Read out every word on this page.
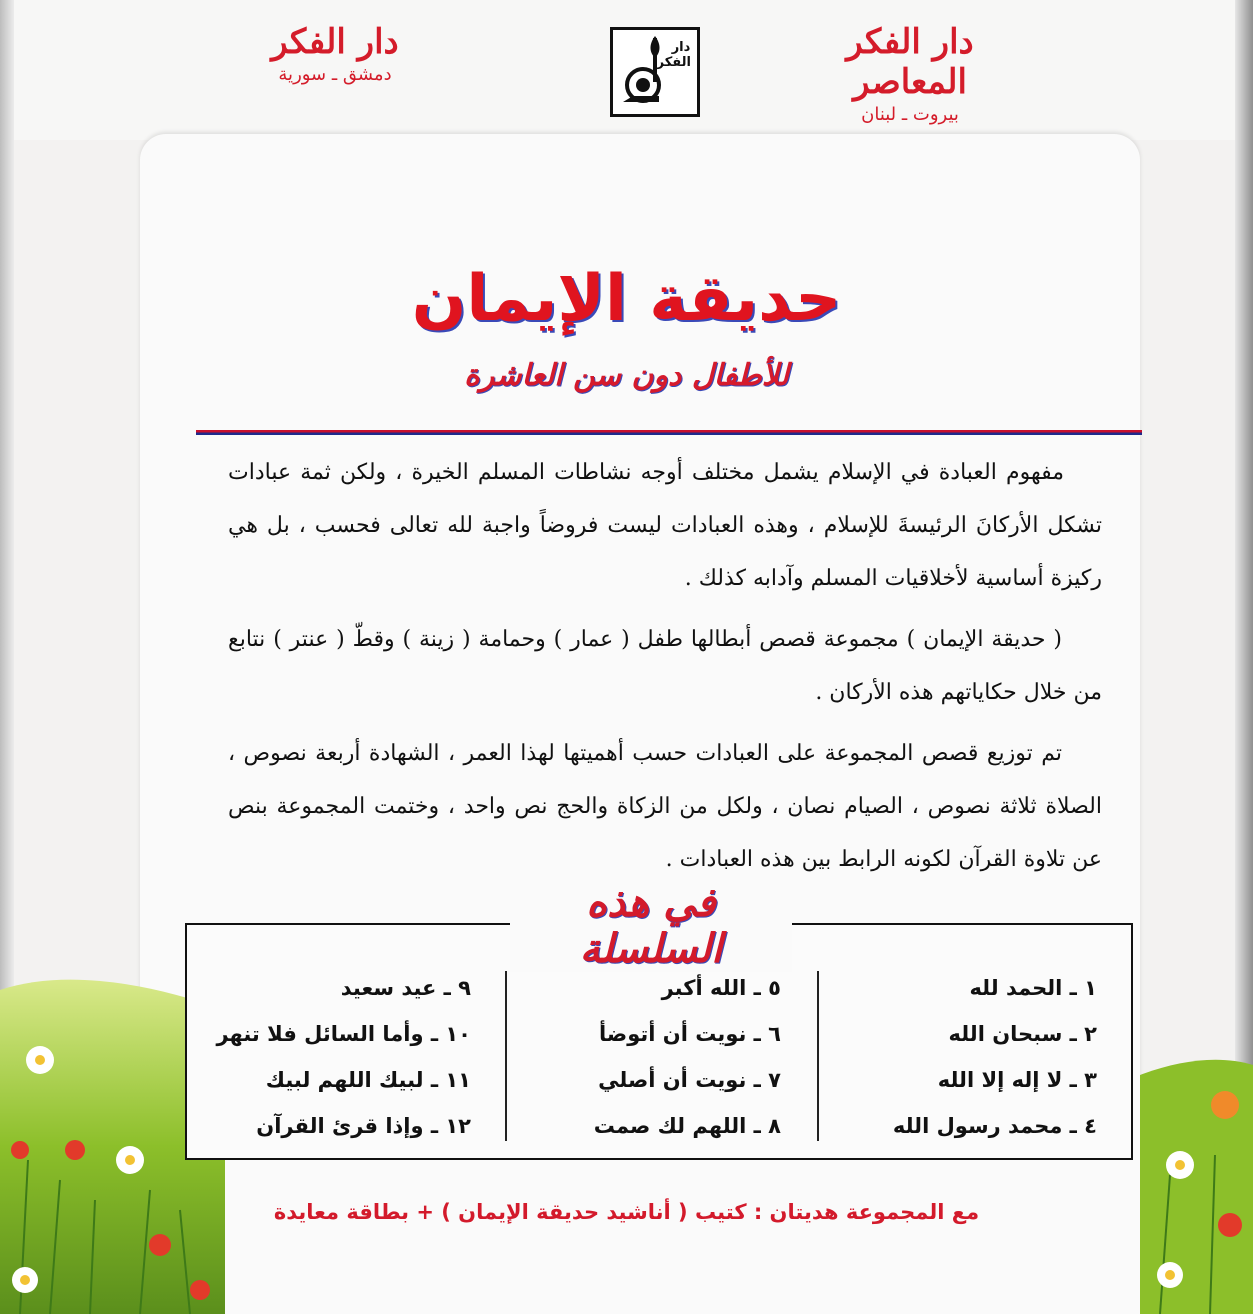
دار الفكر
دمشق ـ سورية
دار الفكر
دار الفكر المعاصر
بيروت ـ لبنان
حديقة الإيمان
للأطفال دون سن العاشرة

مفهوم العبادة في الإسلام يشمل مختلف أوجه نشاطات المسلم الخيرة ، ولكن ثمة عبادات تشكل الأركانَ الرئيسةَ للإسلام ، وهذه العبادات ليست فروضاً واجبة لله تعالى فحسب ، بل هي ركيزة أساسية لأخلاقيات المسلم وآدابه كذلك .

( حديقة الإيمان ) مجموعة قصص أبطالها طفل ( عمار ) وحمامة ( زينة ) وقطّ ( عنتر ) نتابع من خلال حكاياتهم هذه الأركان .

تم توزيع قصص المجموعة على العبادات حسب أهميتها لهذا العمر ، الشهادة أربعة نصوص ، الصلاة ثلاثة نصوص ، الصيام نصان ، ولكل من الزكاة والحج نص واحد ، وختمت المجموعة بنص عن تلاوة القرآن لكونه الرابط بين هذه العبادات .

١ ـ الحمد لله
٢ ـ سبحان الله
٣ ـ لا إله إلا الله
٤ ـ محمد رسول الله
٥ ـ الله أكبر
٦ ـ نويت أن أتوضأ
٧ ـ نويت أن أصلي
٨ ـ اللهم لك صمت
٩ ـ عيد سعيد
١٠ ـ وأما السائل فلا تنهر
١١ ـ لبيك اللهم لبيك
١٢ ـ وإذا قرئ القرآن
في هذه السلسلة
مع المجموعة هديتان : كتيب ( أناشيد حديقة الإيمان ) + بطاقة معايدة
